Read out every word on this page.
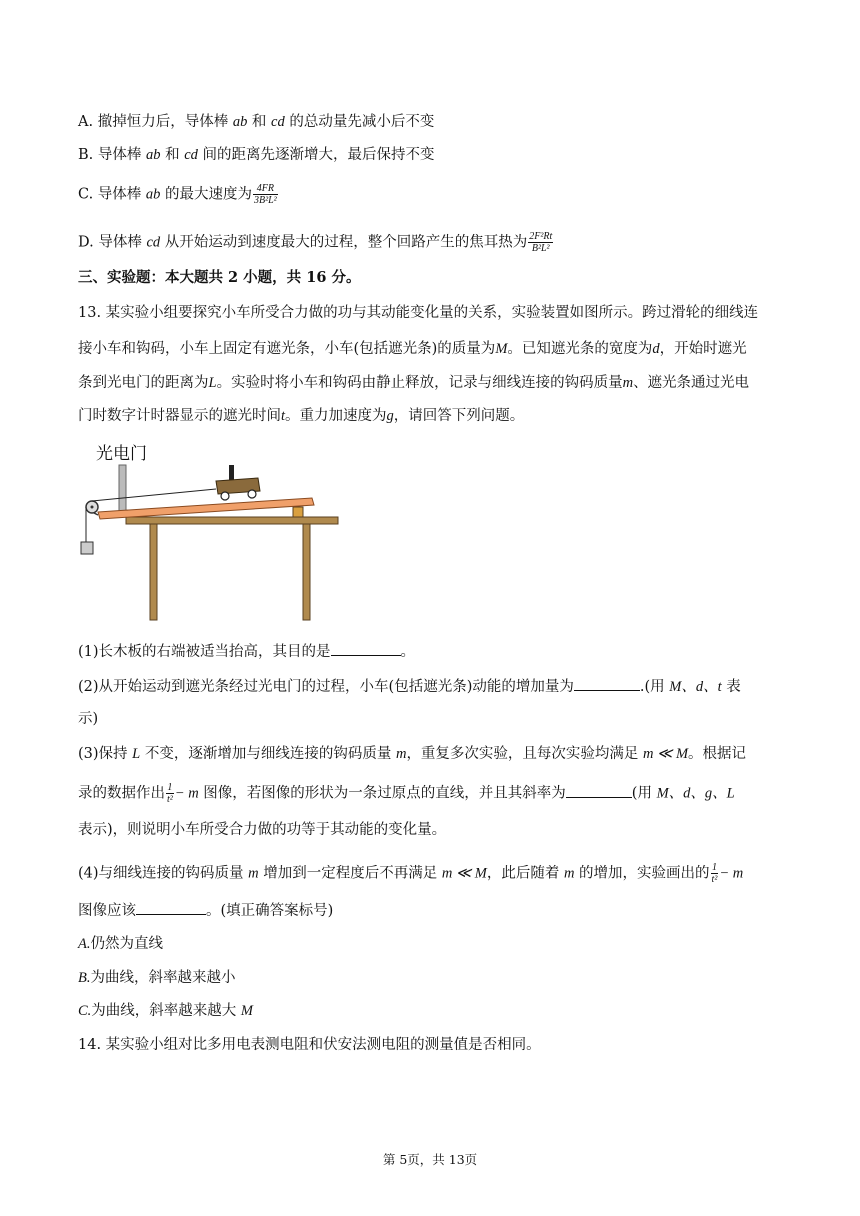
A. 撤掉恒力后，导体棒 ab 和 cd 的总动量先减小后不变
B. 导体棒 ab 和 cd 间的距离先逐渐增大，最后保持不变
C. 导体棒 ab 的最大速度为 $\frac{4FR}{\text{3B²L²}}$
D. 导体棒 cd 从开始运动到速度最大的过程，整个回路产生的焦耳热为 $\frac{\text{2F²Rt}}{\text{B²L²}}$
三、实验题：本大题共 2 小题，共 16 分。
13. 某实验小组要探究小车所受合力做的功与其动能变化量的关系，实验装置如图所示。跨过滑轮的细线连
接小车和钩码，小车上固定有遮光条，小车(包括遮光条)的质量为M。已知遮光条的宽度为d，开始时遮光
条到光电门的距离为L。实验时将小车和钩码由静止释放，记录与细线连接的钩码质量m、遮光条通过光电
门时数字计时器显示的遮光时间t。重力加速度为g，请回答下列问题。
光电门
(1)长木板的右端被适当抬高，其目的是	。
(2)从开始运动到遮光条经过光电门的过程，小车(包括遮光条)动能的增加量为	.(用 M、d、t 表
示)
(3)保持 L 不变，逐渐增加与细线连接的钩码质量 m，重复多次实验，且每次实验均满足 m ≪ M。根据记
录的数据作出 $\frac{1}{\text{t²}} - m$ 图像，若图像的形状为一条过原点的直线，并且其斜率为	(用 M、d、g、L
表示)，则说明小车所受合力做的功等于其动能的变化量。
(4)与细线连接的钩码质量 m 增加到一定程度后不再满足 m ≪ M，此后随着 m 的增加，实验画出的 $\frac{1}{\text{t²}} - m$
图像应该	。(填正确答案标号)
A.仍然为直线
B.为曲线，斜率越来越小
C.为曲线，斜率越来越大 M
14. 某实验小组对比多用电表测电阻和伏安法测电阻的测量值是否相同。
第 5页，共 13页
